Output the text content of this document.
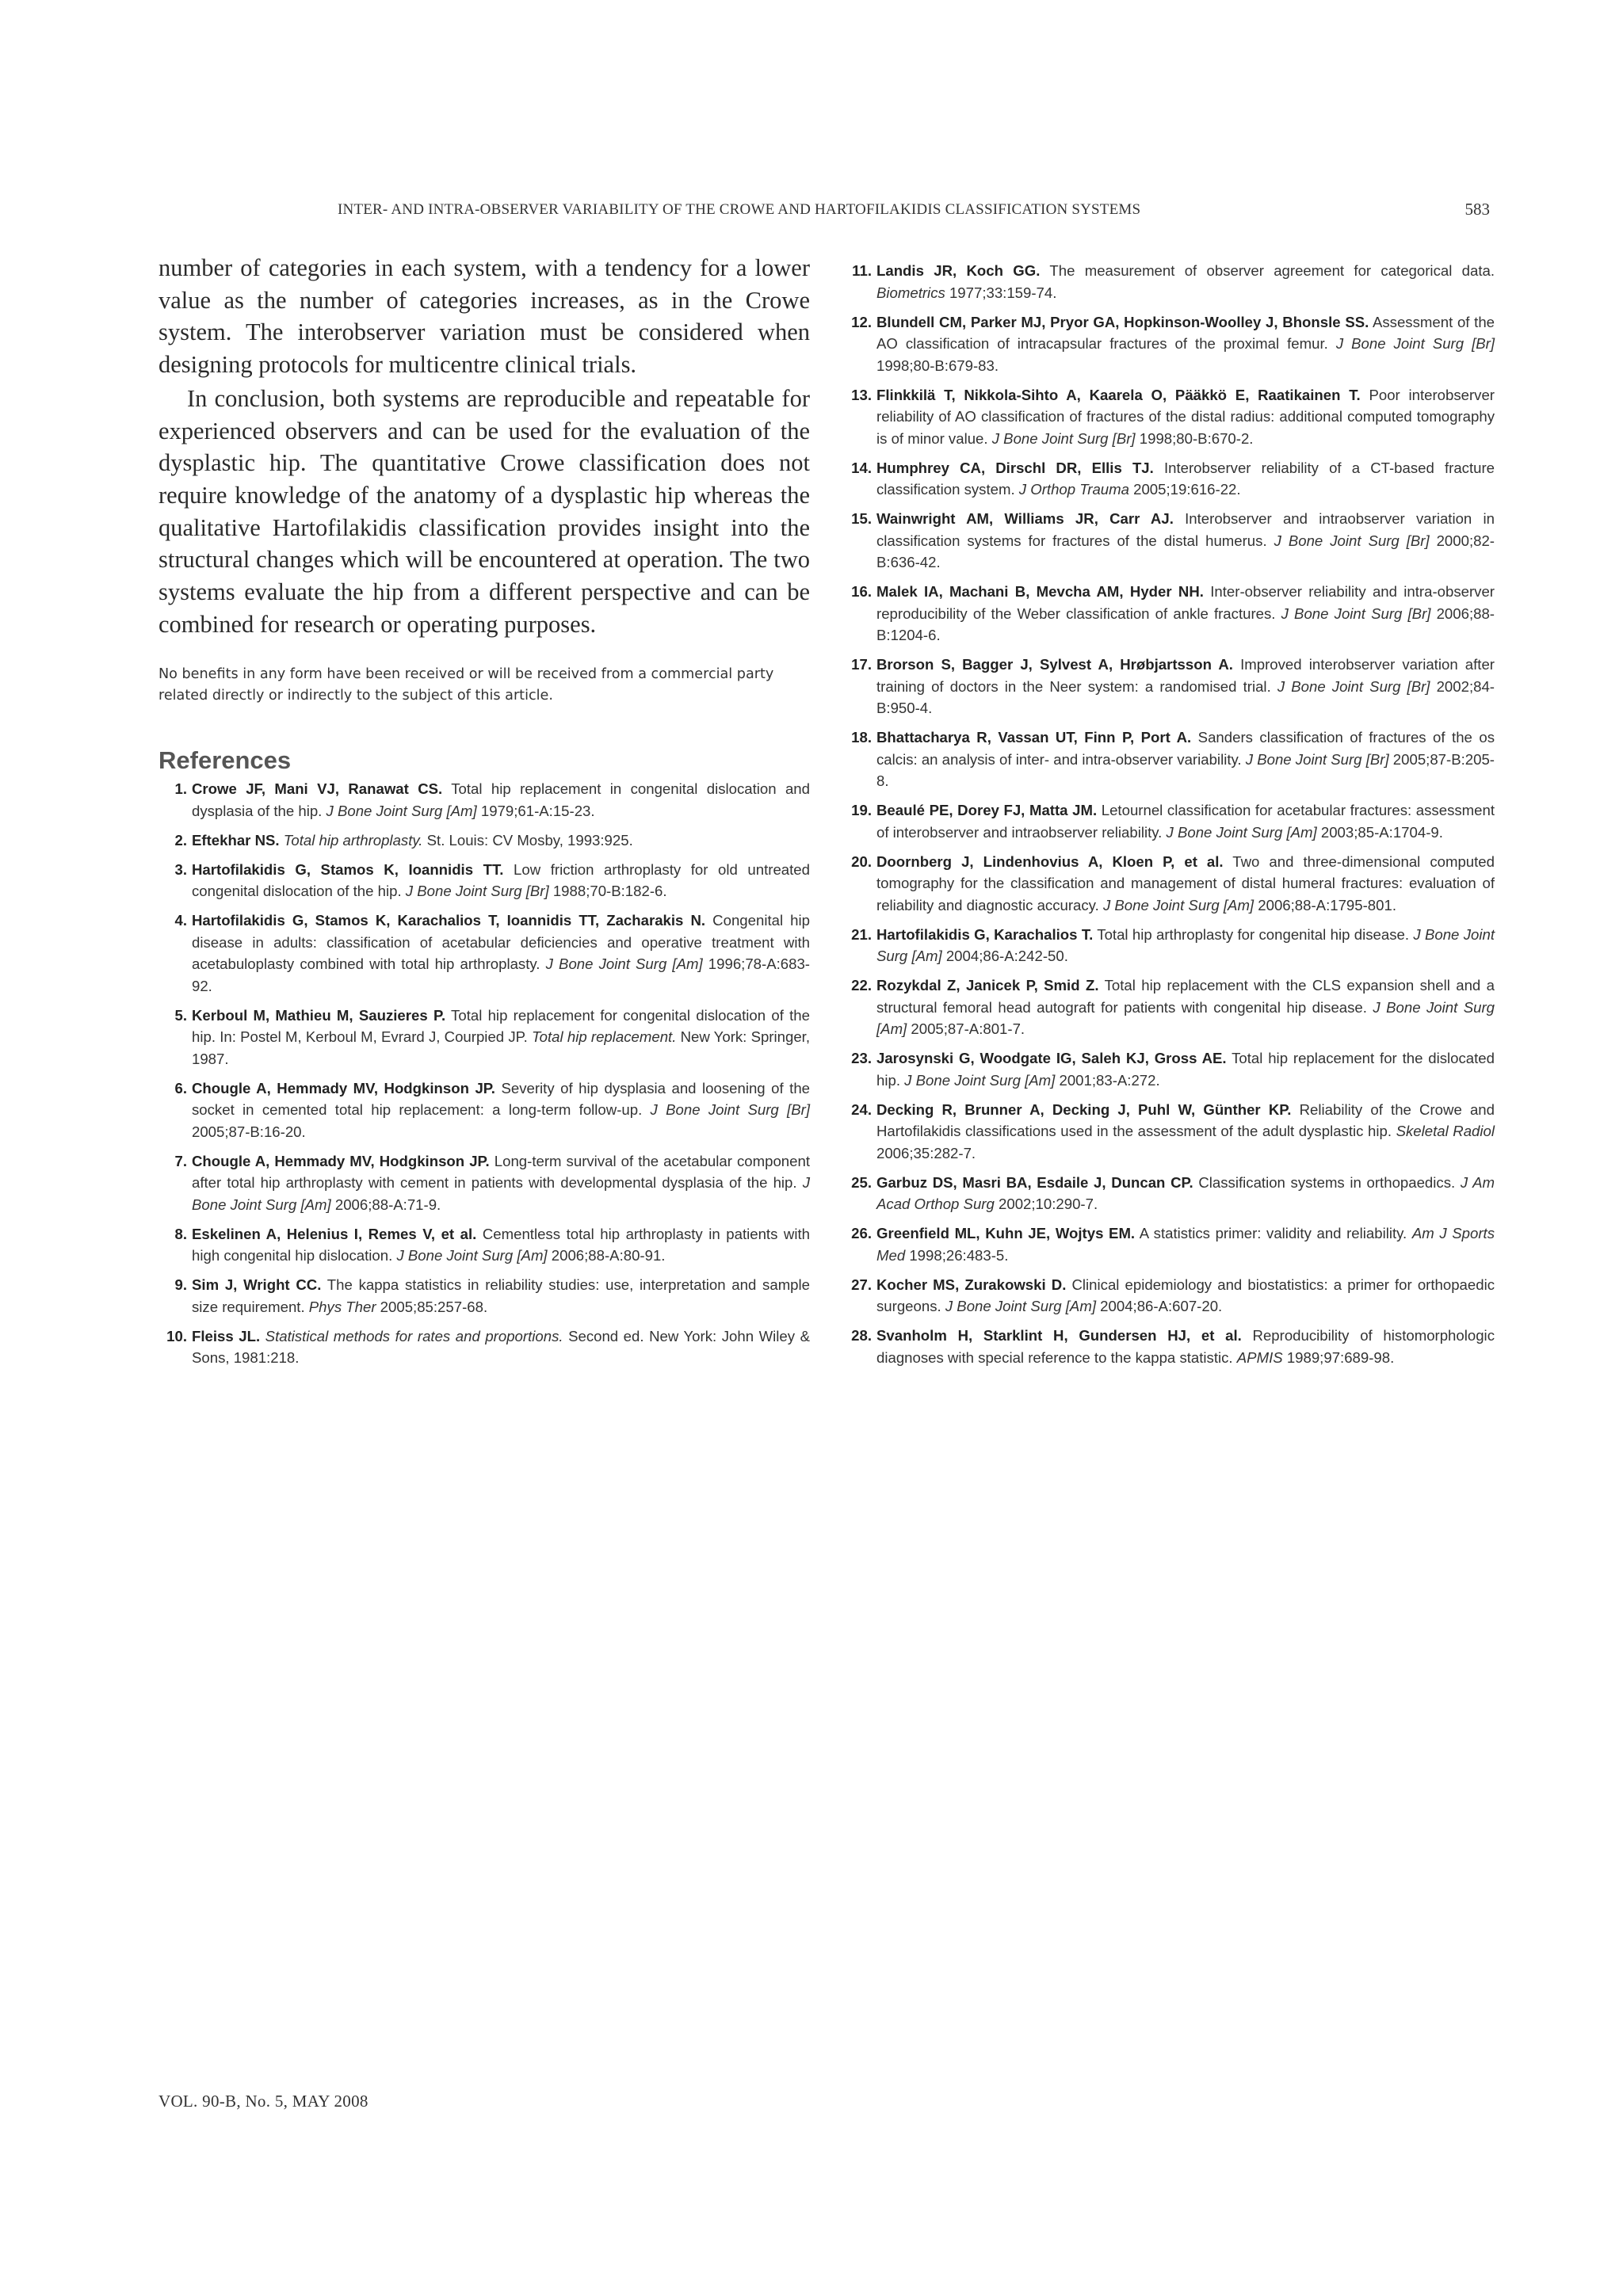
INTER- AND INTRA-OBSERVER VARIABILITY OF THE CROWE AND HARTOFILAKIDIS CLASSIFICATION SYSTEMS	583

number of categories in each system, with a tendency for a lower value as the number of categories increases, as in the Crowe system. The interobserver variation must be considered when designing protocols for multicentre clinical trials.

In conclusion, both systems are reproducible and repeatable for experienced observers and can be used for the evaluation of the dysplastic hip. The quantitative Crowe classification does not require knowledge of the anatomy of a dysplastic hip whereas the qualitative Hartofilakidis classification provides insight into the structural changes which will be encountered at operation. The two systems evaluate the hip from a different perspective and can be combined for research or operating purposes.

No benefits in any form have been received or will be received from a commercial party related directly or indirectly to the subject of this article.

References
1. Crowe JF, Mani VJ, Ranawat CS. Total hip replacement in congenital dislocation and dysplasia of the hip. J Bone Joint Surg [Am] 1979;61-A:15-23.
2. Eftekhar NS. Total hip arthroplasty. St. Louis: CV Mosby, 1993:925.
3. Hartofilakidis G, Stamos K, Ioannidis TT. Low friction arthroplasty for old untreated congenital dislocation of the hip. J Bone Joint Surg [Br] 1988;70-B:182-6.
4. Hartofilakidis G, Stamos K, Karachalios T, Ioannidis TT, Zacharakis N. Congenital hip disease in adults: classification of acetabular deficiencies and operative treatment with acetabuloplasty combined with total hip arthroplasty. J Bone Joint Surg [Am] 1996;78-A:683-92.
5. Kerboul M, Mathieu M, Sauzieres P. Total hip replacement for congenital dislocation of the hip. In: Postel M, Kerboul M, Evrard J, Courpied JP. Total hip replacement. New York: Springer, 1987.
6. Chougle A, Hemmady MV, Hodgkinson JP. Severity of hip dysplasia and loosening of the socket in cemented total hip replacement: a long-term follow-up. J Bone Joint Surg [Br] 2005;87-B:16-20.
7. Chougle A, Hemmady MV, Hodgkinson JP. Long-term survival of the acetabular component after total hip arthroplasty with cement in patients with developmental dysplasia of the hip. J Bone Joint Surg [Am] 2006;88-A:71-9.
8. Eskelinen A, Helenius I, Remes V, et al. Cementless total hip arthroplasty in patients with high congenital hip dislocation. J Bone Joint Surg [Am] 2006;88-A:80-91.
9. Sim J, Wright CC. The kappa statistics in reliability studies: use, interpretation and sample size requirement. Phys Ther 2005;85:257-68.
10. Fleiss JL. Statistical methods for rates and proportions. Second ed. New York: John Wiley & Sons, 1981:218.
11. Landis JR, Koch GG. The measurement of observer agreement for categorical data. Biometrics 1977;33:159-74.
12. Blundell CM, Parker MJ, Pryor GA, Hopkinson-Woolley J, Bhonsle SS. Assessment of the AO classification of intracapsular fractures of the proximal femur. J Bone Joint Surg [Br] 1998;80-B:679-83.
13. Flinkkilä T, Nikkola-Sihto A, Kaarela O, Pääkkö E, Raatikainen T. Poor interobserver reliability of AO classification of fractures of the distal radius: additional computed tomography is of minor value. J Bone Joint Surg [Br] 1998;80-B:670-2.
14. Humphrey CA, Dirschl DR, Ellis TJ. Interobserver reliability of a CT-based fracture classification system. J Orthop Trauma 2005;19:616-22.
15. Wainwright AM, Williams JR, Carr AJ. Interobserver and intraobserver variation in classification systems for fractures of the distal humerus. J Bone Joint Surg [Br] 2000;82-B:636-42.
16. Malek IA, Machani B, Mevcha AM, Hyder NH. Inter-observer reliability and intra-observer reproducibility of the Weber classification of ankle fractures. J Bone Joint Surg [Br] 2006;88-B:1204-6.
17. Brorson S, Bagger J, Sylvest A, Hrøbjartsson A. Improved interobserver variation after training of doctors in the Neer system: a randomised trial. J Bone Joint Surg [Br] 2002;84-B:950-4.
18. Bhattacharya R, Vassan UT, Finn P, Port A. Sanders classification of fractures of the os calcis: an analysis of inter- and intra-observer variability. J Bone Joint Surg [Br] 2005;87-B:205-8.
19. Beaulé PE, Dorey FJ, Matta JM. Letournel classification for acetabular fractures: assessment of interobserver and intraobserver reliability. J Bone Joint Surg [Am] 2003;85-A:1704-9.
20. Doornberg J, Lindenhovius A, Kloen P, et al. Two and three-dimensional computed tomography for the classification and management of distal humeral fractures: evaluation of reliability and diagnostic accuracy. J Bone Joint Surg [Am] 2006;88-A:1795-801.
21. Hartofilakidis G, Karachalios T. Total hip arthroplasty for congenital hip disease. J Bone Joint Surg [Am] 2004;86-A:242-50.
22. Rozykdal Z, Janicek P, Smid Z. Total hip replacement with the CLS expansion shell and a structural femoral head autograft for patients with congenital hip disease. J Bone Joint Surg [Am] 2005;87-A:801-7.
23. Jarosynski G, Woodgate IG, Saleh KJ, Gross AE. Total hip replacement for the dislocated hip. J Bone Joint Surg [Am] 2001;83-A:272.
24. Decking R, Brunner A, Decking J, Puhl W, Günther KP. Reliability of the Crowe and Hartofilakidis classifications used in the assessment of the adult dysplastic hip. Skeletal Radiol 2006;35:282-7.
25. Garbuz DS, Masri BA, Esdaile J, Duncan CP. Classification systems in orthopaedics. J Am Acad Orthop Surg 2002;10:290-7.
26. Greenfield ML, Kuhn JE, Wojtys EM. A statistics primer: validity and reliability. Am J Sports Med 1998;26:483-5.
27. Kocher MS, Zurakowski D. Clinical epidemiology and biostatistics: a primer for orthopaedic surgeons. J Bone Joint Surg [Am] 2004;86-A:607-20.
28. Svanholm H, Starklint H, Gundersen HJ, et al. Reproducibility of histomorphologic diagnoses with special reference to the kappa statistic. APMIS 1989;97:689-98.
VOL. 90-B, No. 5, MAY 2008
